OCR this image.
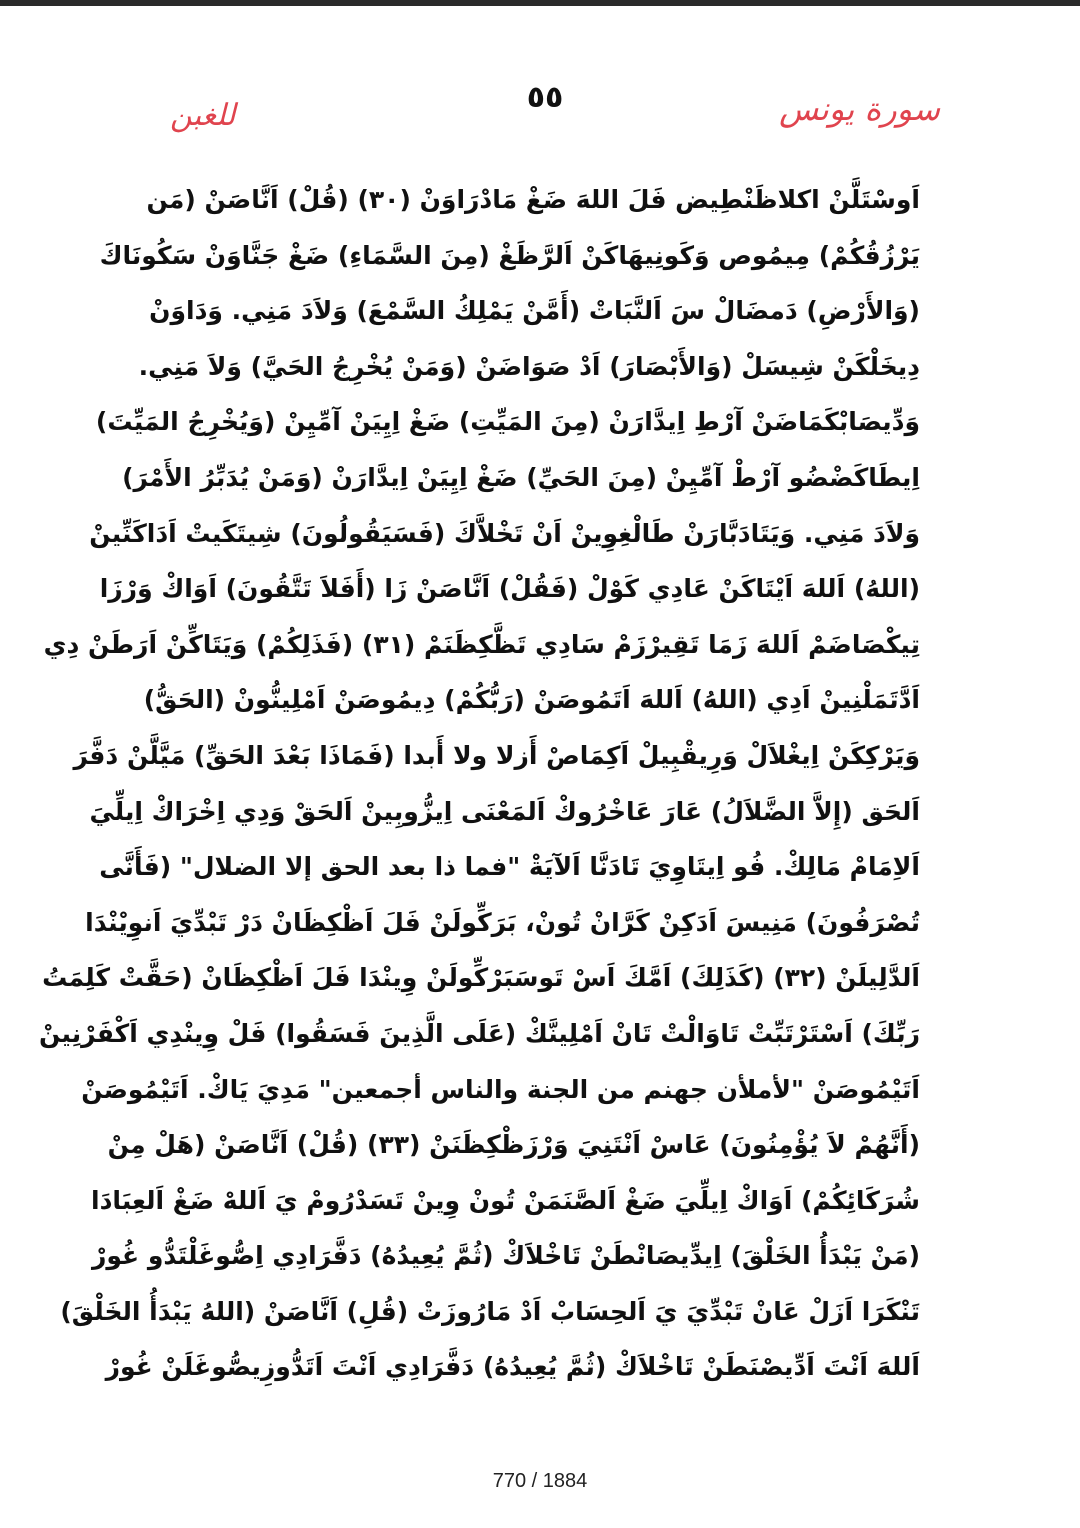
للغبن
٥٥	سورة يونس
اَوسْتَلَّنْ اكلاظَنْطِيض فَلَ اللهَ ضَغْ مَادْرَاوَنْ (٣٠) (قُلْ) اَنَّاصَنْ (مَن
يَرْزُقُكُمْ) مِيمُوص وَكَونِيهَاكَنْ اَلرَّظَغْ (مِنَ السَّمَاءِ) ضَغْ جَنَّاوَنْ سَكُونَاكَ
(وَالأَرْضِ) دَمضَالْ سَ اَلنَّبَاتْ (أَمَّنْ يَمْلِكُ السَّمْعَ) وَلاَدَ مَنِي. وَدَاوَنْ
دِيخَلْكَنْ شِيسَلْ (وَالأَبْصَارَ) اَدْ صَوَاضَنْ (وَمَنْ يُخْرِجُ الحَيَّ) وَلاَ مَنِي.
وَدِّيصَابْكَمَاضَنْ آرْطِ اِيدَّارَنْ (مِنَ المَيِّتِ) ضَغْ اِيِيَنْ آمِّيِنْ (وَيُخْرِجُ المَيِّتَ)
اِيطَاكَضْضُو آرْطْ آمِّيِنْ (مِنَ الحَيِّ) ضَغْ اِيِيَنْ اِيدَّارَنْ (وَمَنْ يُدَبِّرُ الأَمْرَ)
وَلاَدَ مَنِي. وَيَتَادَبَّارَنْ طَالْغِوِينْ اَنْ تَخْلاَّكَ (فَسَيَقُولُونَ) شِيتَكَيتْ اَدَاكَنِّينْ
(اللهُ) اَللهَ اَيْتَاكَنْ عَادِي كَوْلْ (فَقُلْ) اَنَّاصَنْ زَا (أَفَلاَ تَتَّقُونَ) اَوَاكْ وَرْزَا
تِيكْصَاضَمْ اَللهَ زَمَا تَقِيرْزَمْ سَادِي تَظَّكِظَنَمْ (٣١) (فَذَلِكُمْ) وَيَتَاكِّنْ اَرَطَنْ دِي
اَدَّتَمَلْنِينْ اَدِي (اللهُ) اَللهَ اَتَمُوصَنْ (رَبُّكُمْ) دِيمُوصَنْ اَمْلِينُّونْ (الحَقُّ)
وَيَرْكِكَنْ اِيغْلاَلْ وَرِيقْبِيلْ اَكِمَاصْ أَزلا ولا أَبدا (فَمَاذَا بَعْدَ الحَقِّ) مَيَّلَّنْ دَفَّرَ
اَلحَق (إِلاَّ الضَّلاَلُ) عَارَ عَاخْرُوكْ اَلمَعْنَى اِيزُّوبِينْ اَلحَقْ وَدِي اِخْرَاكْ اِيلِّيَ
اَلاِمَامْ مَالِكْ. فُو اِيتَاوِيَ تَادَنَّا اَلآيَةْ "فما ذا بعد الحق إلا الضلال" (فَأَنَّى
تُصْرَفُونَ) مَنِيسَ اَدَكِنْ كَرَّانْ تُونْ، بَرَكِّولَنْ فَلَ اَظْكِظَانْ دَرْ تَبْدِّيَ اَنوِيْنْدَا
اَلدَّلِيلَنْ (٣٢) (كَذَلِكَ) اَمَّكَ اَسْ تَوسَبَرْكِّولَنْ وِينْدَا فَلَ اَظْكِظَانْ (حَقَّتْ كَلِمَتُ
رَبِّكَ) اَسْتَرْتَبِّتْ تَاوَالْتْ تَانْ اَمْلِينَّكْ (عَلَى الَّذِينَ فَسَقُوا) فَلْ وِينْدِي اَكْفَرْنِينْ
اَتَيْمُوصَنْ "لأملأن جهنم من الجنة والناس أجمعين" مَدِيَ يَاكْ. اَتَيْمُوصَنْ
(أَنَّهُمْ لاَ يُؤْمِنُونَ) عَاسْ اَنْتَنِيَ وَرْزَظْكِظَنَنْ (٣٣) (قُلْ) اَنَّاصَنْ (هَلْ مِنْ
شُرَكَائِكُمْ) اَوَاكْ اِيلِّيَ ضَغْ اَلصَّنَمَنْ تُونْ وِينْ تَسَدْرُومْ يَ اَللهْ ضَغْ اَلعِبَادَا
(مَنْ يَبْدَأُ الخَلْقَ) اِيدِّيصَانْطَنْ تَاخْلاَكْ (ثُمَّ يُعِيدُهُ) دَفَّرَادِي اِصُّوغَلْتَدُّو غُورْ
تَنْكَرَا اَزَلْ عَانْ تَبْدِّيَ يَ اَلحِسَابْ اَدْ مَارُوزَتْ (قُلِ) اَنَّاصَنْ (اللهُ يَبْدَأُ الخَلْقَ)
اَللهَ اَنْتَ اَدِّيصْنَطَنْ تَاخْلاَكْ (ثُمَّ يُعِيدُهُ) دَفَّرَادِي اَنْتَ اَتَدُّوزِيصُّوغَلَنْ غُورْ
770 / 1884
